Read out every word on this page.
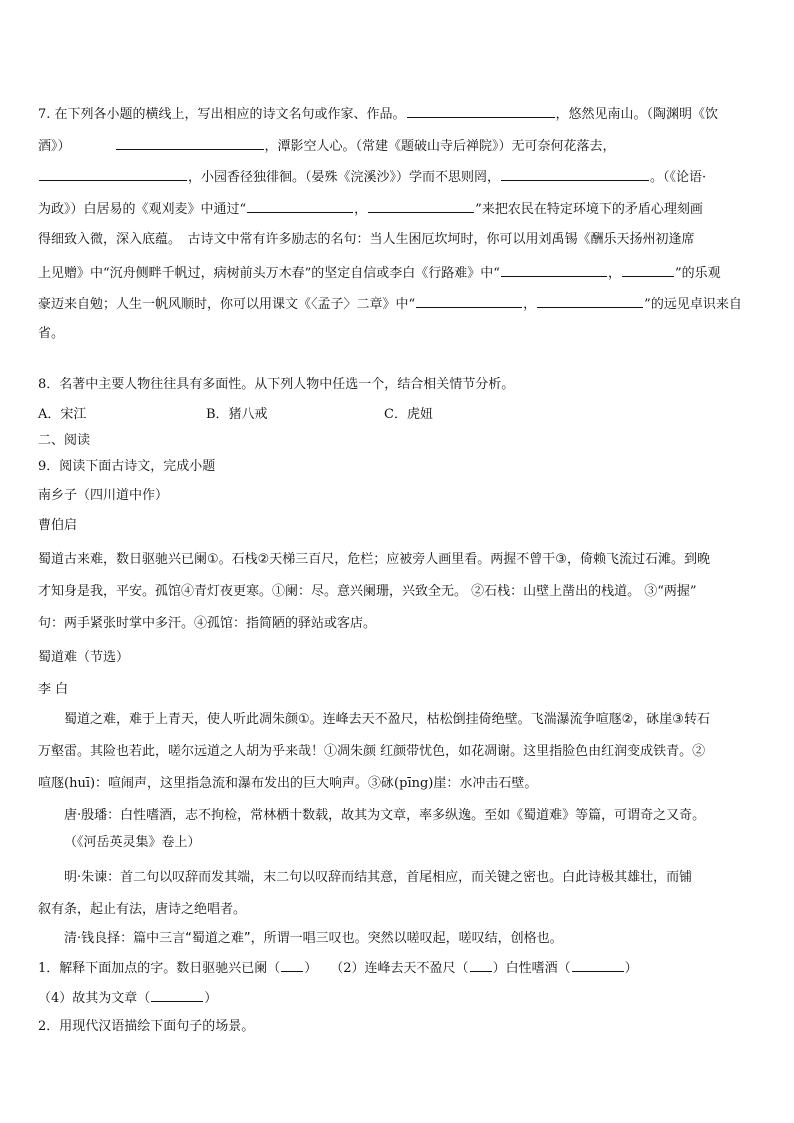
7. 在下列各小题的横线上，写出相应的诗文名句或作家、作品。	，悠然见南山。（陶渊明《饮
酒》）	，潭影空人心。（常建《题破山寺后禅院》）无可奈何花落去，
，小园香径独徘徊。（晏殊《浣溪沙》）学而不思则罔，	。（《论语·
为政》）白居易的《观刈麦》中通过“	，	”来把农民在特定环境下的矛盾心理刻画
得细致入微，深入底蕴。　古诗文中常有许多励志的名句：当人生困厄坎坷时，你可以用刘禹锡《酬乐天扬州初逢席
上见赠》中“沉舟侧畔千帆过，病树前头万木春”的坚定自信或李白《行路难》中“	，	”的乐观
豪迈来自勉；人生一帆风顺时，你可以用课文《〈孟子〉二章》中“	，	”的远见卓识来自
省。
8．名著中主要人物往往具有多面性。从下列人物中任选一个，结合相关情节分析。
A．宋江	B．猪八戒	C．虎妞
二、阅读
9．阅读下面古诗文，完成小题
南乡子（四川道中作）
曹伯启
蜀道古来难，数日驱驰兴已阑①。石栈②天梯三百尺，危栏；应被旁人画里看。两握不曾干③，倚赖飞流过石滩。到晚
才知身是我，平安。孤馆④青灯夜更寒。①阑：尽。意兴阑珊，兴致全无。 ②石栈：山壁上凿出的栈道。 ③“两握”
句：两手紧张时掌中多汗。④孤馆：指简陋的驿站或客店。
蜀道难（节选）
李 白
蜀道之难，难于上青天，使人听此凋朱颜①。连峰去天不盈尺，枯松倒挂倚绝壁。飞湍瀑流争喧豗②，砯崖③转石
万壑雷。其险也若此，嗟尔远道之人胡为乎来哉！①凋朱颜 红颜带忧色，如花凋谢。这里指脸色由红润变成铁青。②
喧豗(huī)：喧闹声，这里指急流和瀑布发出的巨大响声。③砯(pīng)崖：水冲击石壁。
唐·殷璠：白性嗜酒，志不拘检，常林栖十数载，故其为文章，率多纵逸。至如《蜀道难》等篇，可谓奇之又奇。
（《河岳英灵集》卷上）
明·朱谏：首二句以叹辞而发其端，末二句以叹辞而结其意，首尾相应，而关键之密也。白此诗极其雄壮，而铺
叙有条，起止有法，唐诗之绝唱者。
清·钱良择：篇中三言“蜀道之难”，所谓一唱三叹也。突然以嗟叹起，嗟叹结，创格也。
1．解释下面加点的字。数日驱驰兴已阑（ ）　　（2）连峰去天不盈尺（ ）白性嗜酒（	）
（4）故其为文章（	）
2．用现代汉语描绘下面句子的场景。
